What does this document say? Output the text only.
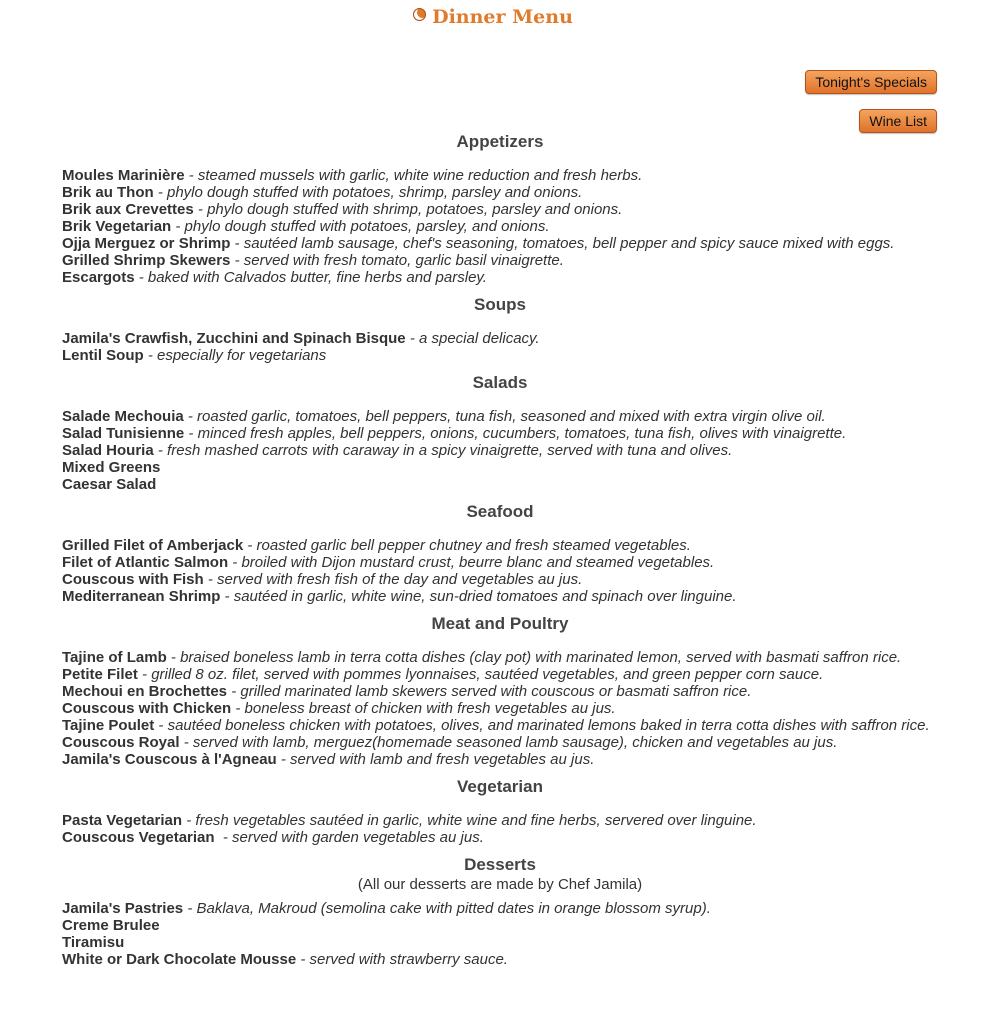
Dinner Menu
Tonight's Specials
Wine List
Appetizers
Moules Marinière - steamed mussels with garlic, white wine reduction and fresh herbs.
Brik au Thon - phylo dough stuffed with potatoes, shrimp, parsley and onions.
Brik aux Crevettes - phylo dough stuffed with shrimp, potatoes, parsley and onions.
Brik Vegetarian - phylo dough stuffed with potatoes, parsley, and onions.
Ojja Merguez or Shrimp - sautéed lamb sausage, chef's seasoning, tomatoes, bell pepper and spicy sauce mixed with eggs.
Grilled Shrimp Skewers - served with fresh tomato, garlic basil vinaigrette.
Escargots - baked with Calvados butter, fine herbs and parsley.
Soups
Jamila's Crawfish, Zucchini and Spinach Bisque - a special delicacy.
Lentil Soup - especially for vegetarians
Salads
Salade Mechouia - roasted garlic, tomatoes, bell peppers, tuna fish, seasoned and mixed with extra virgin olive oil.
Salad Tunisienne - minced fresh apples, bell peppers, onions, cucumbers, tomatoes, tuna fish, olives with vinaigrette.
Salad Houria - fresh mashed carrots with caraway in a spicy vinaigrette, served with tuna and olives.
Mixed Greens
Caesar Salad
Seafood
Grilled Filet of Amberjack - roasted garlic bell pepper chutney and fresh steamed vegetables.
Filet of Atlantic Salmon - broiled with Dijon mustard crust, beurre blanc and steamed vegetables.
Couscous with Fish - served with fresh fish of the day and vegetables au jus.
Mediterranean Shrimp - sautéed in garlic, white wine, sun-dried tomatoes and spinach over linguine.
Meat and Poultry
Tajine of Lamb - braised boneless lamb in terra cotta dishes (clay pot) with marinated lemon, served with basmati saffron rice.
Petite Filet - grilled 8 oz. filet, served with pommes lyonnaises, sautéed vegetables, and green pepper corn sauce.
Mechoui en Brochettes - grilled marinated lamb skewers served with couscous or basmati saffron rice.
Couscous with Chicken - boneless breast of chicken with fresh vegetables au jus.
Tajine Poulet - sautéed boneless chicken with potatoes, olives, and marinated lemons baked in terra cotta dishes with saffron rice.
Couscous Royal - served with lamb, merguez(homemade seasoned lamb sausage), chicken and vegetables au jus.
Jamila's Couscous à l'Agneau - served with lamb and fresh vegetables au jus.
Vegetarian
Pasta Vegetarian - fresh vegetables sautéed in garlic, white wine and fine herbs, servered over linguine.
Couscous Vegetarian  - served with garden vegetables au jus.
Desserts
(All our desserts are made by Chef Jamila)
Jamila's Pastries - Baklava, Makroud (semolina cake with pitted dates in orange blossom syrup).
Creme Brulee
Tiramisu
White or Dark Chocolate Mousse - served with strawberry sauce.
